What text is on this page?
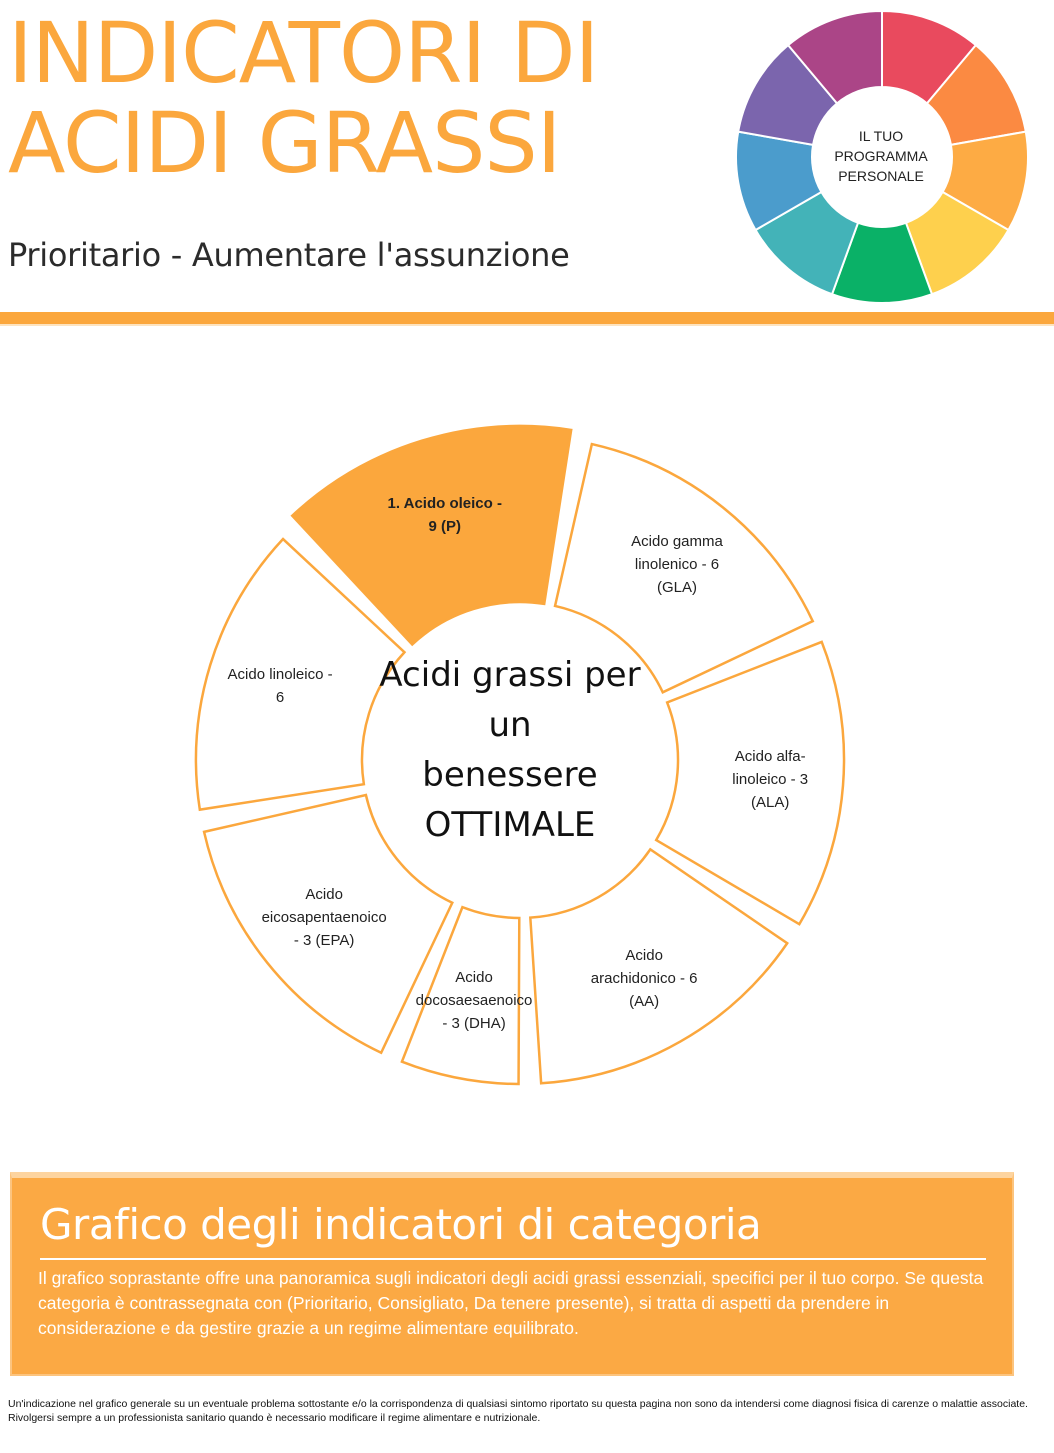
INDICATORI DI
ACIDI GRASSI
Prioritario - Aumentare l'assunzione
IL TUO
PROGRAMMA
PERSONALE
1. Acido oleico -
9 (P)
Acido gamma
linolenico - 6
(GLA)
Acido alfa-
linoleico - 3
(ALA)
Acido
arachidonico - 6
(AA)
Acido
docosaesaenoico
- 3 (DHA)
Acido
eicosapentaenoico
- 3 (EPA)
Acido linoleico -
6
Acidi grassi per
un
benessere
OTTIMALE
Grafico degli indicatori di categoria

Il grafico soprastante offre una panoramica sugli indicatori degli acidi grassi essenziali, specifici per il tuo corpo. Se questa categoria è contrassegnata con (Prioritario, Consigliato, Da tenere presente), si tratta di aspetti da prendere in considerazione e da gestire grazie a un regime alimentare equilibrato.

Un'indicazione nel grafico generale su un eventuale problema sottostante e/o la corrispondenza di qualsiasi sintomo riportato su questa pagina non sono da intendersi come diagnosi fisica di carenze o malattie associate. Rivolgersi sempre a un professionista sanitario quando è necessario modificare il regime alimentare e nutrizionale.
